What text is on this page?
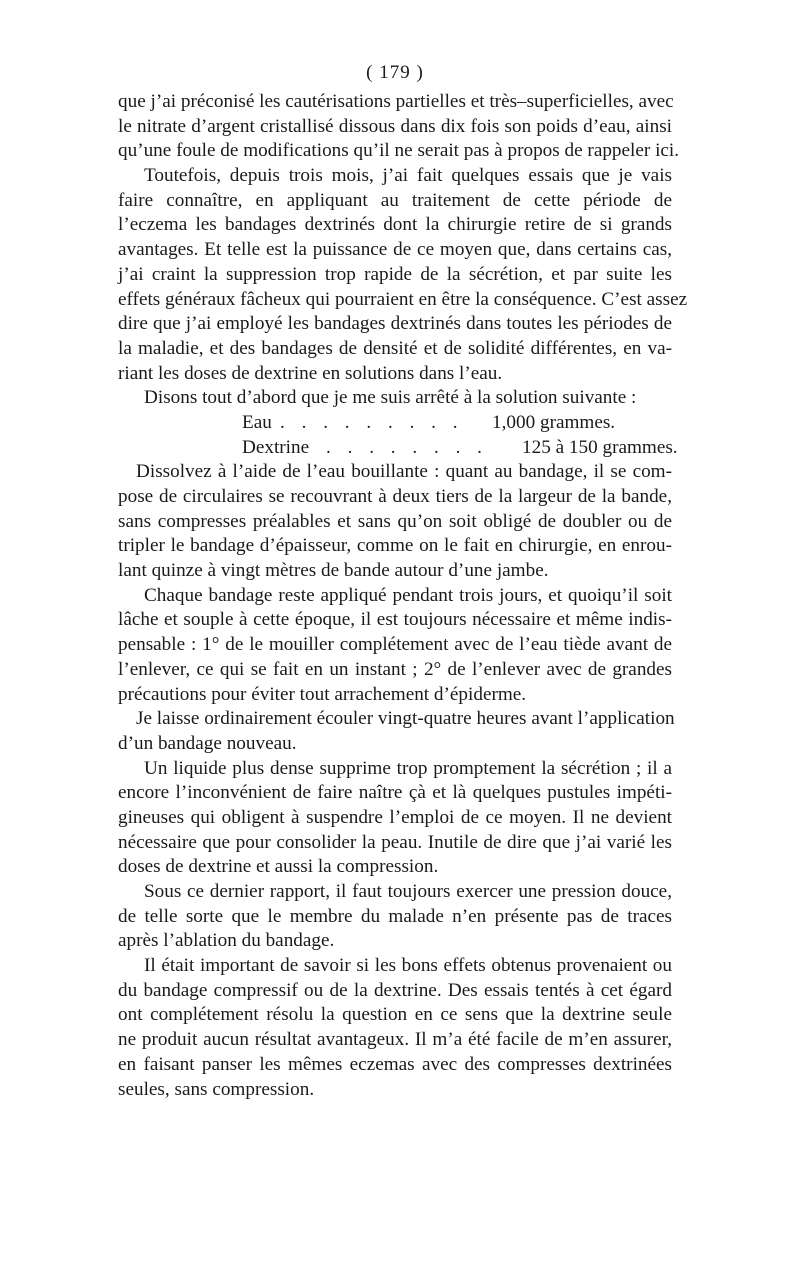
( 179 )
que j’ai préconisé les cautérisations partielles et très–superficielles, avec
le nitrate d’argent cristallisé dissous dans dix fois son poids d’eau, ainsi
qu’une foule de modifications qu’il ne serait pas à propos de rappeler ici.
Toutefois, depuis trois mois, j’ai fait quelques essais que je vais
faire connaître, en appliquant au traitement de cette période de
l’eczema les bandages dextrinés dont la chirurgie retire de si grands
avantages. Et telle est la puissance de ce moyen que, dans certains cas,
j’ai craint la suppression trop rapide de la sécrétion, et par suite les
effets généraux fâcheux qui pourraient en être la conséquence. C’est assez
dire que j’ai employé les bandages dextrinés dans toutes les périodes de
la maladie, et des bandages de densité et de solidité différentes, en va-
riant les doses de dextrine en solutions dans l’eau.
Disons tout d’abord que je me suis arrêté à la solution suivante :
Eau . . . . . . . . . 1,000 grammes.
Dextrine . . . . . . . . 125 à 150 grammes.
Dissolvez à l’aide de l’eau bouillante : quant au bandage, il se com-
pose de circulaires se recouvrant à deux tiers de la largeur de la bande,
sans compresses préalables et sans qu’on soit obligé de doubler ou de
tripler le bandage d’épaisseur, comme on le fait en chirurgie, en enrou-
lant quinze à vingt mètres de bande autour d’une jambe.
Chaque bandage reste appliqué pendant trois jours, et quoiqu’il soit
lâche et souple à cette époque, il est toujours nécessaire et même indis-
pensable : 1° de le mouiller complétement avec de l’eau tiède avant de
l’enlever, ce qui se fait en un instant ; 2° de l’enlever avec de grandes
précautions pour éviter tout arrachement d’épiderme.
Je laisse ordinairement écouler vingt-quatre heures avant l’application
d’un bandage nouveau.
Un liquide plus dense supprime trop promptement la sécrétion ; il a
encore l’inconvénient de faire naître çà et là quelques pustules impéti-
gineuses qui obligent à suspendre l’emploi de ce moyen. Il ne devient
nécessaire que pour consolider la peau. Inutile de dire que j’ai varié les
doses de dextrine et aussi la compression.
Sous ce dernier rapport, il faut toujours exercer une pression douce,
de telle sorte que le membre du malade n’en présente pas de traces
après l’ablation du bandage.
Il était important de savoir si les bons effets obtenus provenaient ou
du bandage compressif ou de la dextrine. Des essais tentés à cet égard
ont complétement résolu la question en ce sens que la dextrine seule
ne produit aucun résultat avantageux. Il m’a été facile de m’en assurer,
en faisant panser les mêmes eczemas avec des compresses dextrinées
seules, sans compression.
